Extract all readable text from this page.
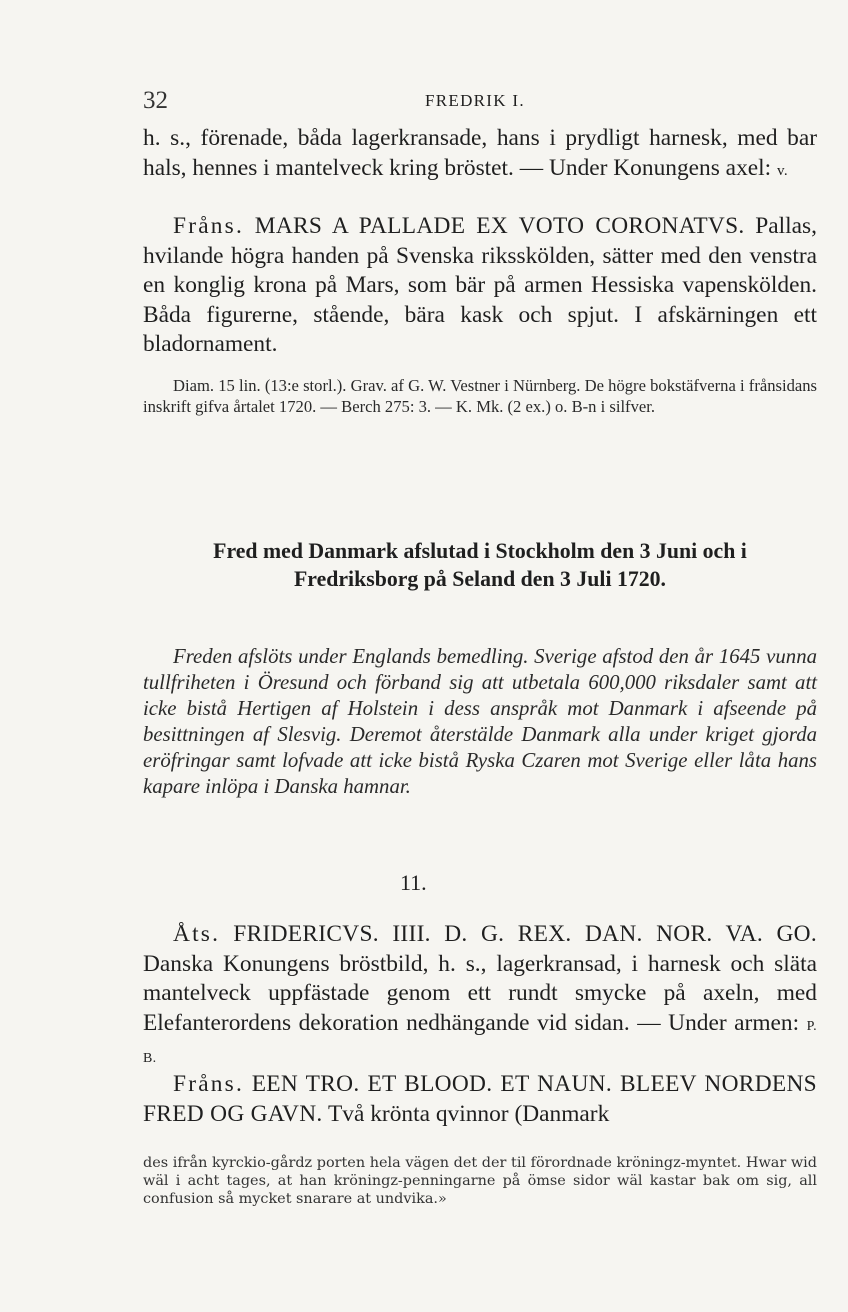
32	FREDRIK I.

h. s., förenade, båda lagerkransade, hans i prydligt harnesk, med bar hals, hennes i mantelveck kring bröstet. — Under Konungens axel: v.

Fråns. MARS A PALLADE EX VOTO CORONATVS. Pallas, hvilande högra handen på Svenska riksskölden, sätter med den venstra en konglig krona på Mars, som bär på armen Hessiska vapenskölden. Båda figurerne, stående, bära kask och spjut. I afskärningen ett bladornament.

Diam. 15 lin. (13:e storl.). Grav. af G. W. Vestner i Nürnberg. De högre bokstäfverna i frånsidans inskrift gifva årtalet 1720. — Berch 275: 3. — K. Mk. (2 ex.) o. B-n i silfver.

Fred med Danmark afslutad i Stockholm den 3 Juni och i Fredriksborg på Seland den 3 Juli 1720.

Freden afslöts under Englands bemedling. Sverige afstod den år 1645 vunna tullfriheten i Öresund och förband sig att utbetala 600,000 riksdaler samt att icke bistå Hertigen af Holstein i dess anspråk mot Danmark i afseende på besittningen af Slesvig. Deremot återstälde Danmark alla under kriget gjorda eröfringar samt lofvade att icke bistå Ryska Czaren mot Sverige eller låta hans kapare inlöpa i Danska hamnar.

11.

Åts. FRIDERICVS. IIII. D. G. REX. DAN. NOR. VA. GO. Danska Konungens bröstbild, h. s., lagerkransad, i harnesk och släta mantelveck uppfästade genom ett rundt smycke på axeln, med Elefanterordens dekoration nedhängande vid sidan. — Under armen: P. B.

Fråns. EEN TRO. ET BLOOD. ET NAUN. BLEEV NORDENS FRED OG GAVN. Två krönta qvinnor (Danmark

des ifrån kyrckio-gårdz porten hela vägen det der til förordnade kröningz-myntet. Hwar wid wäl i acht tages, at han kröningz-penningarne på ömse sidor wäl kastar bak om sig, all confusion så mycket snarare at undvika.»
